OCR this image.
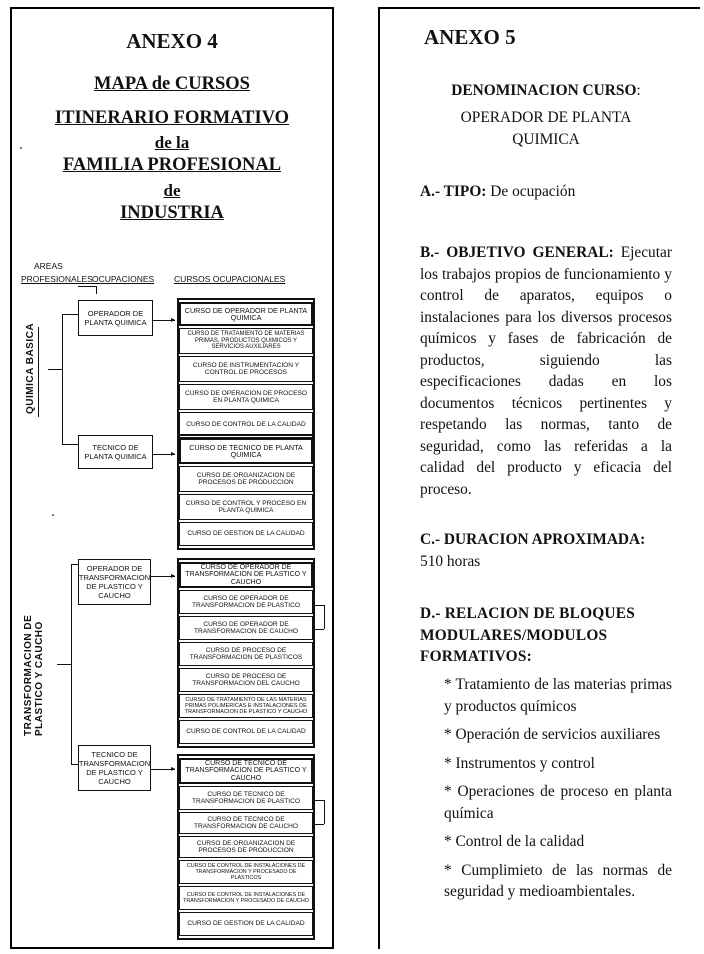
ANEXO 4
MAPA de CURSOS
ITINERARIO FORMATIVO
de la
FAMILIA PROFESIONAL
de
INDUSTRIA
AREAS
PROFESIONALES OCUPACIONES CURSOS OCUPACIONALES
QUIMICA BASICA
TRANSFORMACION DE PLASTICO Y CAUCHO
OPERADOR DE PLANTA QUIMICA
TECNICO DE PLANTA QUIMICA
OPERADOR DE TRANSFORMACION DE PLASTICO Y CAUCHO
TECNICO DE TRANSFORMACION DE PLASTICO Y CAUCHO
▸
▸
▸
▸
CURSO DE OPERADOR DE PLANTA QUIMICA
CURSO DE TRATAMIENTO DE MATERIAS PRIMAS, PRODUCTOS QUIMICOS Y SERVICIOS AUXILIARES
CURSO DE INSTRUMENTACION Y CONTROL DE PROCESOS
CURSO DE OPERACION DE PROCESO EN PLANTA QUIMICA
CURSO DE CONTROL DE LA CALIDAD
CURSO DE TECNICO DE PLANTA QUIMICA
CURSO DE ORGANIZACION DE PROCESOS DE PRODUCCION
CURSO DE CONTROL Y PROCESO EN PLANTA QUIMICA
CURSO DE GESTION DE LA CALIDAD
CURSO DE OPERADOR DE TRANSFORMACION DE PLASTICO Y CAUCHO
CURSO DE OPERADOR DE TRANSFORMACION DE PLASTICO
CURSO DE OPERADOR DE TRANSFORMACION DE CAUCHO
CURSO DE PROCESO DE TRANSFORMACION DE PLASTICOS
CURSO DE PROCESO DE TRANSFORMACION DEL CAUCHO
CURSO DE TRATAMIENTO DE LAS MATERIAS PRIMAS POLIMERICAS E INSTALACIONES DE TRANSFORMACION DE PLASTICO Y CAUCHO
CURSO DE CONTROL DE LA CALIDAD
CURSO DE TECNICO DE TRANSFORMACION DE PLASTICO Y CAUCHO
CURSO DE TECNICO DE TRANSFORMACION DE PLASTICO
CURSO DE TECNICO DE TRANSFORMACION DE CAUCHO
CURSO DE ORGANIZACION DE PROCESOS DE PRODUCCION
CURSO DE CONTROL DE INSTALACIONES DE TRANSFORMACION Y PROCESADO DE PLASTICOS
CURSO DE CONTROL DE INSTALACIONES DE TRANSFORMACION Y PROCESADO DE CAUCHO
CURSO DE GESTION DE LA CALIDAD
ANEXO 5
DENOMINACION CURSO:
OPERADOR DE PLANTA QUIMICA
A.- TIPO: De ocupación
B.- OBJETIVO GENERAL: Ejecutar los trabajos propios de funcionamiento y control de aparatos, equipos o instalaciones para los diversos procesos químicos y fases de fabricación de productos, siguiendo las especificaciones dadas en los documentos técnicos pertinentes y respetando las normas, tanto de seguridad, como las referidas a la calidad del producto y eficacia del proceso.

C.- DURACION APROXIMADA:

510 horas

D.- RELACION DE BLOQUES MODULARES/MODULOS FORMATIVOS:
* Tratamiento de las materias primas y productos químicos
* Operación de servicios auxiliares
* Instrumentos y control
* Operaciones de proceso en planta química
* Control de la calidad
* Cumplimieto de las normas de seguridad y medioambientales.
